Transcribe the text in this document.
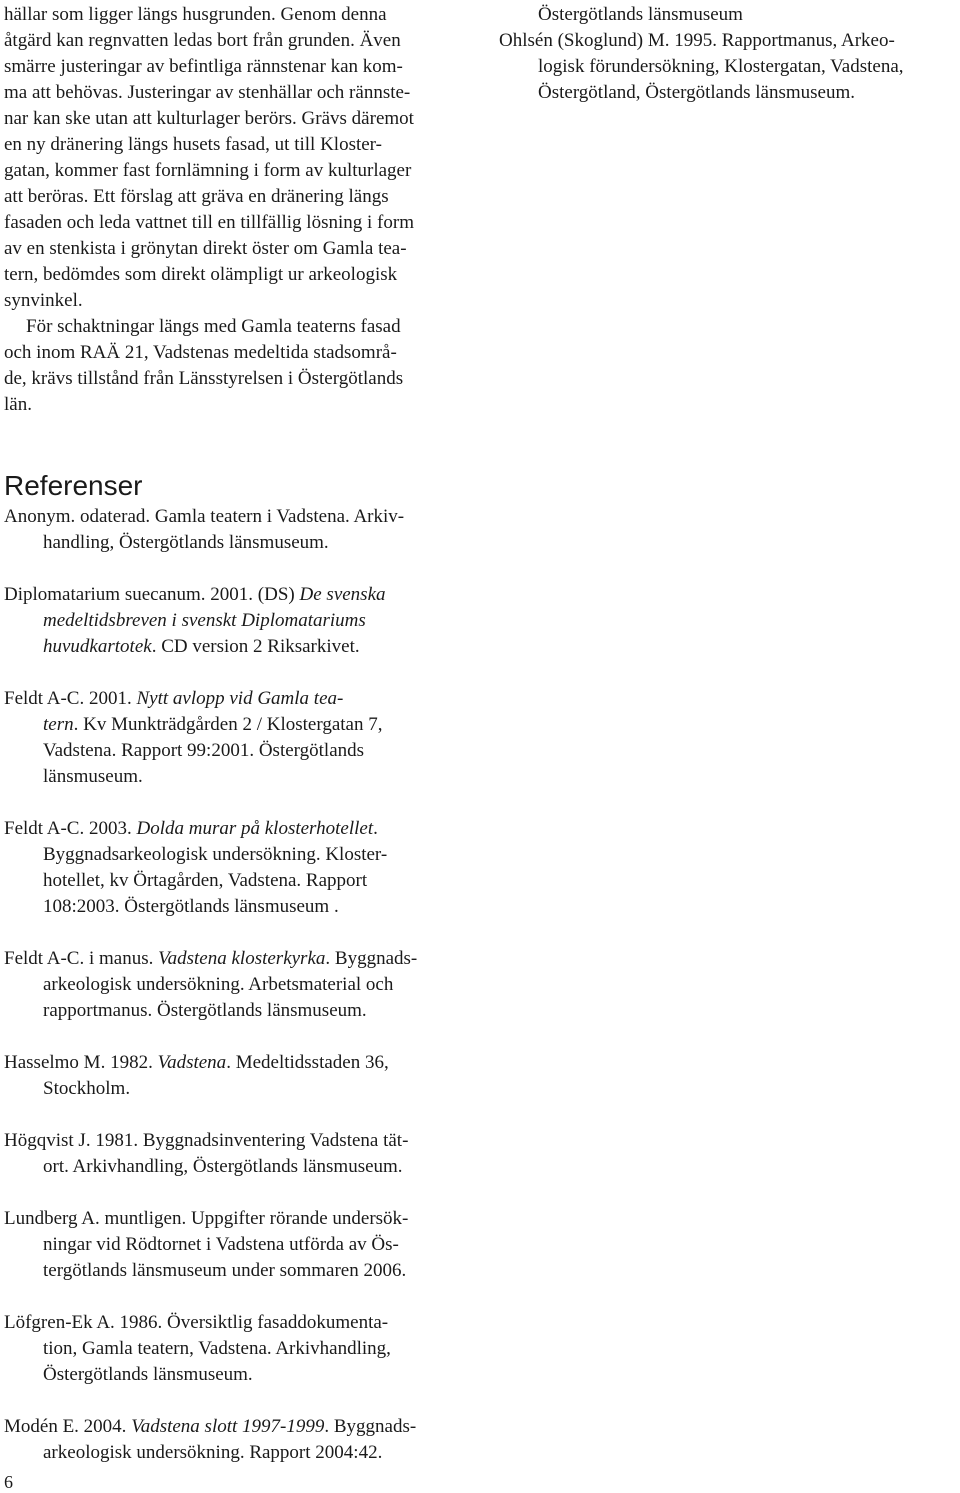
hällar som ligger längs husgrunden. Genom denna
åtgärd kan regnvatten ledas bort från grunden. Även
smärre justeringar av befintliga rännstenar kan kom-
ma att behövas. Justeringar av stenhällar och rännste-
nar kan ske utan att kulturlager berörs. Grävs däremot
en ny dränering längs husets fasad, ut till Kloster-
gatan, kommer fast fornlämning i form av kulturlager
att beröras. Ett förslag att gräva en dränering längs
fasaden och leda vattnet till en tillfällig lösning i form
av en stenkista i grönytan direkt öster om Gamla tea-
tern, bedömdes som direkt olämpligt ur arkeologisk
synvinkel.

För schaktningar längs med Gamla teaterns fasad
och inom RAÄ 21, Vadstenas medeltida stadsområ-
de, krävs tillstånd från Länsstyrelsen i Östergötlands
län.

Östergötlands länsmuseum
Ohlsén (Skoglund) M. 1995. Rapportmanus, Arkeo-
logisk förundersökning, Klostergatan, Vadstena,
Östergötland, Östergötlands länsmuseum.

Referenser

Anonym. odaterad. Gamla teatern i Vadstena. Arkiv-
handling, Östergötlands länsmuseum.

Diplomatarium suecanum. 2001. (DS) De svenska
medeltidsbreven i svenskt Diplomatariums
huvudkartotek. CD version 2 Riksarkivet.

Feldt A-C. 2001. Nytt avlopp vid Gamla tea-
tern. Kv Munkträdgården 2 / Klostergatan 7,
Vadstena. Rapport 99:2001. Östergötlands
länsmuseum.

Feldt A-C. 2003. Dolda murar på klosterhotellet.
Byggnadsarkeologisk undersökning. Kloster-
hotellet, kv Örtagården, Vadstena. Rapport
108:2003. Östergötlands länsmuseum .

Feldt A-C. i manus. Vadstena klosterkyrka. Byggnads-
arkeologisk undersökning. Arbetsmaterial och
rapportmanus. Östergötlands länsmuseum.

Hasselmo M. 1982. Vadstena. Medeltidsstaden 36,
Stockholm.

Högqvist J. 1981. Byggnadsinventering Vadstena tät-
ort. Arkivhandling, Östergötlands länsmuseum.

Lundberg A. muntligen. Uppgifter rörande undersök-
ningar vid Rödtornet i Vadstena utförda av Ös-
tergötlands länsmuseum under sommaren 2006.

Löfgren-Ek A. 1986. Översiktlig fasaddokumenta-
tion, Gamla teatern, Vadstena. Arkivhandling,
Östergötlands länsmuseum.

Modén E. 2004. Vadstena slott 1997-1999. Byggnads-
arkeologisk undersökning. Rapport 2004:42.

6
